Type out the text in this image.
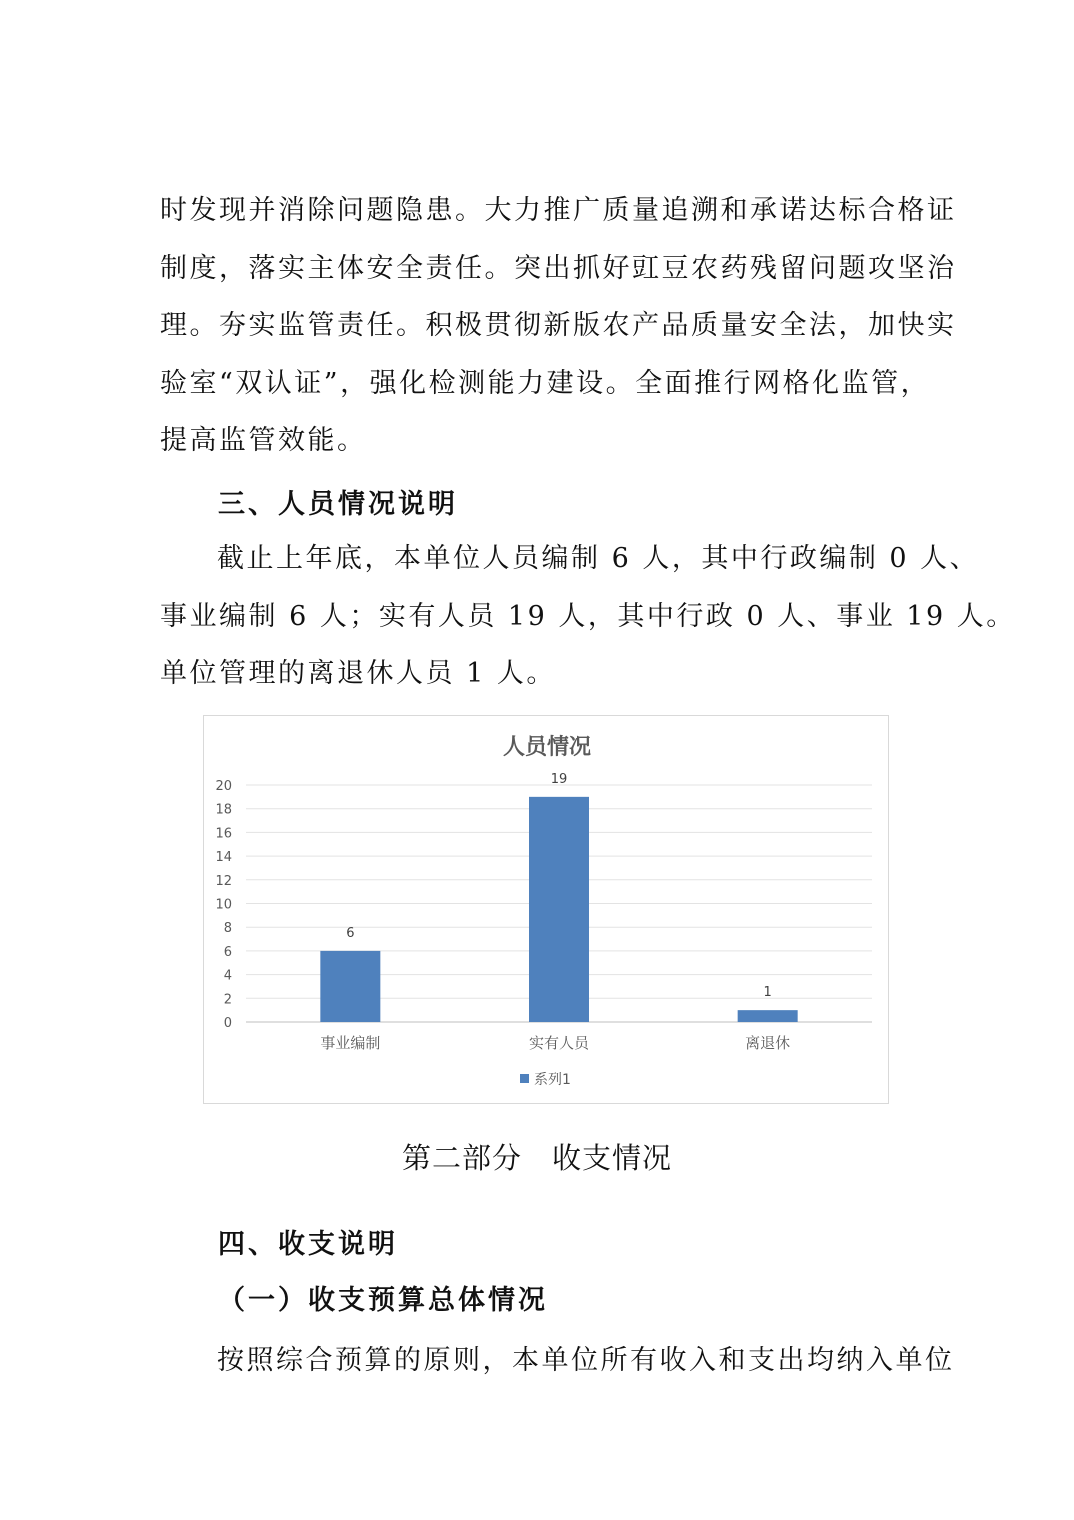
时发现并消除问题隐患。大力推广质量追溯和承诺达标合格证
制度，落实主体安全责任。突出抓好豇豆农药残留问题攻坚治
理。夯实监管责任。积极贯彻新版农产品质量安全法，加快实
验室“双认证”，强化检测能力建设。全面推行网格化监管，
提高监管效能。
三、人员情况说明
截止上年底，本单位人员编制 6 人，其中行政编制 0 人、
事业编制 6 人；实有人员 19 人，其中行政 0 人、事业 19 人。
单位管理的离退休人员 1 人。
人员情况
0
2
4
6
8
10
12
14
16
18
20
6
事业编制
19
实有人员
1
离退休
系列1
第二部分　收支情况
四、收支说明
（一）收支预算总体情况
按照综合预算的原则，本单位所有收入和支出均纳入单位
